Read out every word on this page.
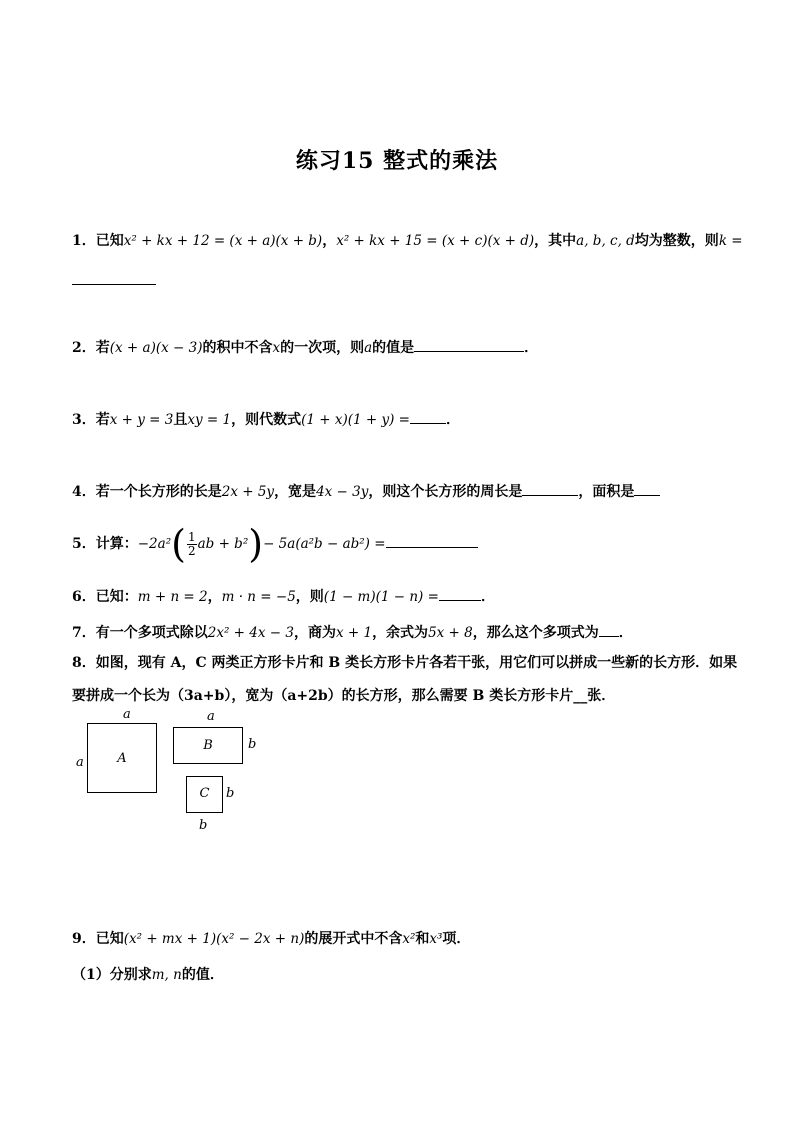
练习15 整式的乘法
1．已知x² + kx + 12 = (x + a)(x + b)，x² + kx + 15 = (x + c)(x + d)，其中a, b, c, d均为整数，则k =
2．若(x + a)(x − 3)的积中不含x的一次项，则a的值是	．
3．若x + y = 3且xy = 1，则代数式(1 + x)(1 + y) =	．
4．若一个长方形的长是2x + 5y，宽是4x − 3y，则这个长方形的周长是	，面积是
5．计算：$-2a^2( \frac{1}{2}$ ab + b²)− 5a(a²b − ab²) =
6．已知：m + n = 2，m · n = −5，则(1 − m)(1 − n) =	．
7．有一个多项式除以2x² + 4x − 3，商为x + 1，余式为5x + 8，那么这个多项式为 ．
8．如图，现有 A，C 两类正方形卡片和 B 类长方形卡片各若干张，用它们可以拼成一些新的长方形．如果
要拼成一个长为（3a+b），宽为（a+2b）的长方形，那么需要 B 类长方形卡片__张．
a
a	A
a
B	b
C	b
b
9．已知(x² + mx + 1)(x² − 2x + n)的展开式中不含x²和x³项．
（1）分别求m, n的值．
